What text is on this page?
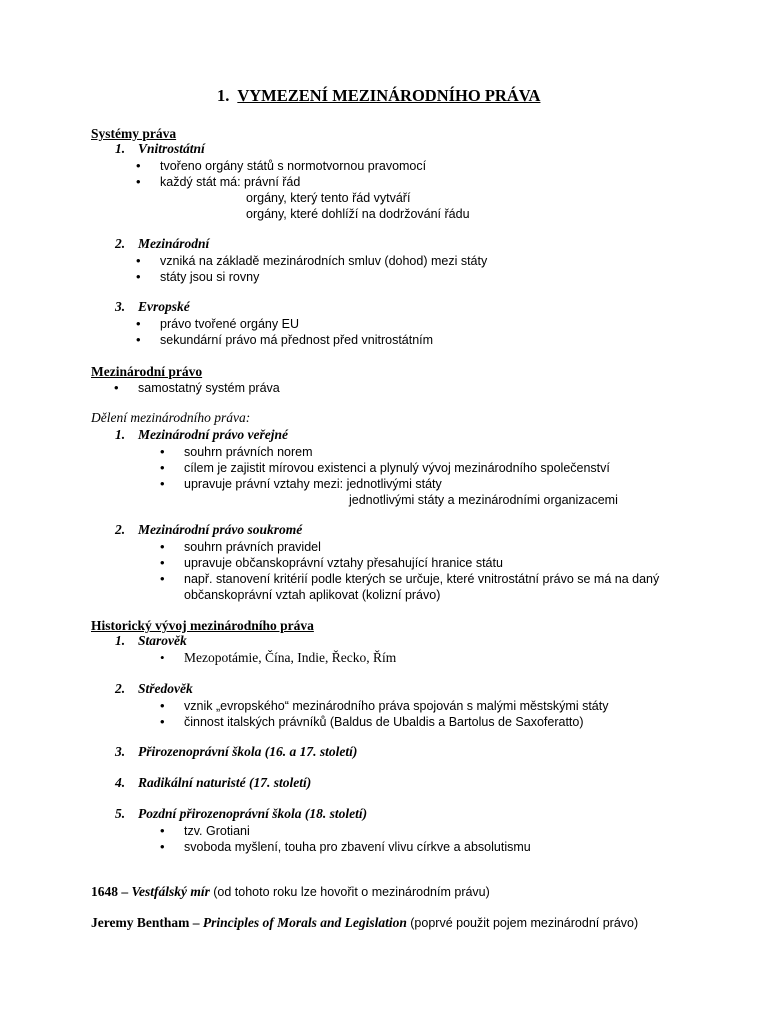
1. VYMEZENÍ MEZINÁRODNÍHO PRÁVA
Systémy práva
1. Vnitrostátní
• tvořeno orgány států s normotvornou pravomocí
• každý stát má: právní řád
orgány, který tento řád vytváří
orgány, které dohlíží na dodržování řádu
2. Mezinárodní
• vzniká na základě mezinárodních smluv (dohod) mezi státy
• státy jsou si rovny
3. Evropské
• právo tvořené orgány EU
• sekundární právo má přednost před vnitrostátním
Mezinárodní právo
• samostatný systém práva
Dělení mezinárodního práva:
1. Mezinárodní právo veřejné
• souhrn právních norem
• cílem je zajistit mírovou existenci a plynulý vývoj mezinárodního společenství
• upravuje právní vztahy mezi: jednotlivými státy
jednotlivými státy a mezinárodními organizacemi
2. Mezinárodní právo soukromé
• souhrn právních pravidel
• upravuje občanskoprávní vztahy přesahující hranice státu
• např. stanovení kritérií podle kterých se určuje, které vnitrostátní právo se má na daný
občanskoprávní vztah aplikovat (kolizní právo)
Historický vývoj mezinárodního práva
1. Starověk
• Mezopotámie, Čína, Indie, Řecko, Řím
2. Středověk
• vznik „evropského“ mezinárodního práva spojován s malými městskými státy
• činnost italských právníků (Baldus de Ubaldis a Bartolus de Saxoferatto)
3. Přirozenoprávní škola (16. a 17. století)
4. Radikální naturisté (17. století)
5. Pozdní přirozenoprávní škola (18. století)
• tzv. Grotiani
• svoboda myšlení, touha pro zbavení vlivu církve a absolutismu
1648 – Vestfálský mír (od tohoto roku lze hovořit o mezinárodním právu)
Jeremy Bentham – Principles of Morals and Legislation (poprvé použit pojem mezinárodní právo)
